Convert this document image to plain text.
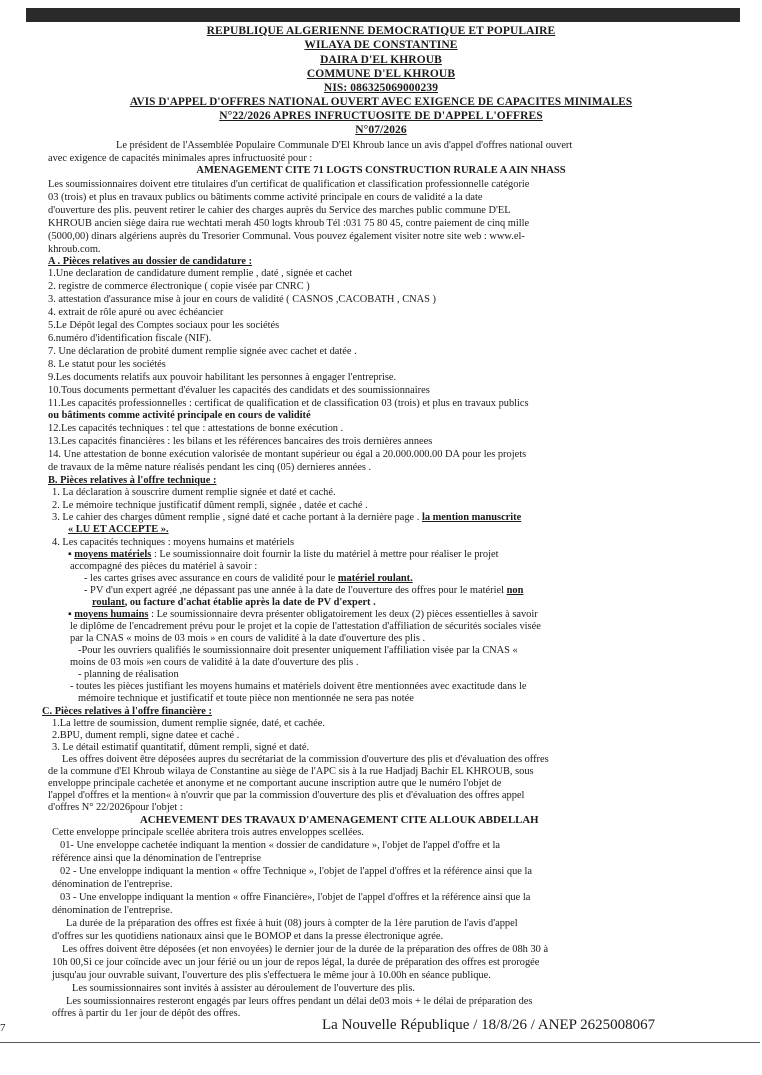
REPUBLIQUE ALGERIENNE DEMOCRATIQUE ET POPULAIRE
WILAYA DE CONSTANTINE
DAIRA D'EL KHROUB
COMMUNE D'EL KHROUB
NIS: 086325069000239
AVIS D'APPEL D'OFFRES NATIONAL OUVERT AVEC EXIGENCE DE CAPACITES MINIMALES
N°22/2026 APRES INFRUCTUOSITE DE D'APPEL L'OFFRES
N°07/2026
Le président de l'Assemblée Populaire Communale D'El Khroub lance un avis d'appel d'offres national ouvert
avec exigence de capacités minimales apres infructuosité pour :
AMENAGEMENT CITE 71 LOGTS CONSTRUCTION RURALE A AIN NHASS
Les soumissionnaires doivent etre titulaires d'un certificat de qualification et classification professionnelle catégorie
03 (trois) et plus en travaux publics ou bâtiments comme activité principale en cours de validité a la date
d'ouverture des plis. peuvent retirer le cahier des charges auprès du Service des marches public commune D'EL
KHROUB ancien siège daira rue wechtati merah 450 logts khroub Tél :031 75 80 45, contre paiement de cinq mille
(5000,00) dinars algériens auprès du Tresorier Communal. Vous pouvez également visiter notre site web : www.el-
khroub.com.
A . Pièces relatives au dossier de candidature :
1.Une declaration de candidature dument remplie , daté , signée et cachet
2. registre de commerce électronique ( copie visée par CNRC )
3. attestation d'assurance mise à jour en cours de validité ( CASNOS ,CACOBATH , CNAS )
4. extrait de rôle apuré ou avec échéancier
5.Le Dépôt legal des Comptes sociaux pour les sociétés
6.numéro d'identification fiscale (NIF).
7. Une déclaration de probité dument remplie signée avec cachet et datée .
8. Le statut pour les sociétés
9.Les documents relatifs aux pouvoir habilitant les personnes à engager l'entreprise.
10.Tous documents permettant d'évaluer les capacités des candidats et des soumissionnaires
11.Les capacités professionnelles : certificat de qualification et de classification 03 (trois) et plus en travaux publics
ou bâtiments comme activité principale en cours de validité
12.Les capacités techniques : tel que : attestations de bonne exécution .
13.Les capacités financières : les bilans et les références bancaires des trois dernières annees
14. Une attestation de bonne exécution valorisée de montant supérieur ou égal a 20.000.000.00 DA pour les projets
de travaux de la même nature réalisés pendant les cinq (05) dernieres années .
B. Pièces relatives à l'offre technique :
1. La déclaration à souscrire dument remplie signée et daté et caché.
2. Le mémoire technique justificatif dûment rempli, signée , datée et caché .
3. Le cahier des charges dûment remplie , signé daté et cache portant à la dernière page . la mention manuscrite
« LU ET ACCEPTE ».
4. Les capacités techniques : moyens humains et matériels
▪ moyens matériels : Le soumissionnaire doit fournir la liste du matériel à mettre pour réaliser le projet
accompagné des pièces du matériel à savoir :
- les cartes grises avec assurance en cours de validité pour le matériel roulant.
- PV d'un expert agréé ,ne dépassant pas une année à la date de l'ouverture des offres pour le matériel non
roulant, ou facture d'achat établie après la date de PV d'expert .
▪ moyens humains : Le soumissionnaire devra présenter obligatoirement les deux (2) pièces essentielles à savoir
le diplôme de l'encadrement prévu pour le projet et la copie de l'attestation d'affiliation de sécurités sociales visée
par la CNAS « moins de 03 mois » en cours de validité à la date d'ouverture des plis .
-Pour les ouvriers qualifiés le soumissionnaire doit presenter uniquement l'affiliation visée par la CNAS «
moins de 03 mois »en cours de validité à la date d'ouverture des plis .
- planning de réalisation
- toutes les pièces justifiant les moyens humains et matériels doivent être mentionnées avec exactitude dans le
mémoire technique et justificatif et toute pièce non mentionnée ne sera pas notée
C. Pièces relatives à l'offre financière :
1.La lettre de soumission, dument remplie signée, daté, et cachée.
2.BPU, dument rempli, signe datee et caché .
3. Le détail estimatif quantitatif, dûment rempli, signé et daté.
Les offres doivent être déposées aupres du secrétariat de la commission d'ouverture des plis et d'évaluation des offres
de la commune d'El Khroub wilaya de Constantine au siège de l'APC sis à la rue Hadjadj Bachir EL KHROUB, sous
enveloppe principale cachetée et anonyme et ne comportant aucune inscription autre que le numéro l'objet de
l'appel d'offres et la mention« à n'ouvrir que par la commission d'ouverture des plis et d'évaluation des offres appel
d'offres N° 22/2026pour l'objet :
ACHEVEMENT DES TRAVAUX D'AMENAGEMENT CITE ALLOUK ABDELLAH
Cette enveloppe principale scellée abritera trois autres enveloppes scellées.
01- Une enveloppe cachetée indiquant la mention « dossier de candidature », l'objet de l'appel d'offre et la
référence ainsi que la dénomination de l'entreprise
02 - Une enveloppe indiquant la mention « offre Technique », l'objet de l'appel d'offres et la référence ainsi que la
dénomination de l'entreprise.
03 - Une enveloppe indiquant la mention « offre Financière», l'objet de l'appel d'offres et la référence ainsi que la
dénomination de l'entreprise.
La durée de la préparation des offres est fixée à huit (08) jours à compter de la 1ère parution de l'avis d'appel
d'offres sur les quotidiens nationaux ainsi que le BOMOP et dans la presse électronique agrée.
Les offres doivent être déposées (et non envoyées) le dernier jour de la durée de la préparation des offres de 08h 30 à
10h 00,Si ce jour coïncide avec un jour férié ou un jour de repos légal, la durée de préparation des offres est prorogée
jusqu'au jour ouvrable suivant, l'ouverture des plis s'effectuera le même jour à 10.00h en séance publique.
Les soumissionnaires sont invités à assister au déroulement de l'ouverture des plis.
Les soumissionnaires resteront engagés par leurs offres pendant un délai de03 mois + le délai de préparation des
offres à partir du 1er jour de dépôt des offres.
7	La Nouvelle République / 18/8/26 / ANEP 2625008067
